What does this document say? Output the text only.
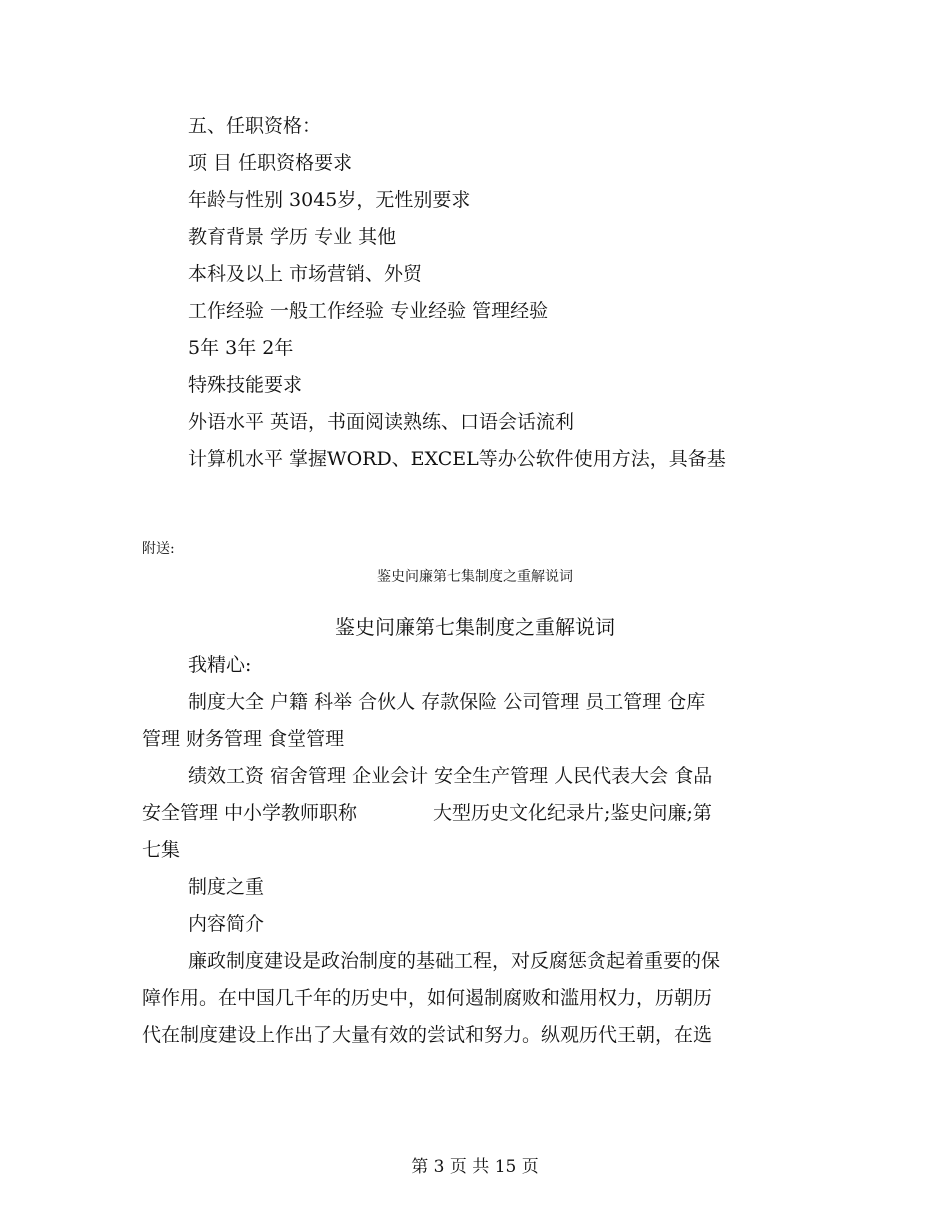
五、任职资格：

项 目 任职资格要求

年龄与性别 3045岁，无性别要求

教育背景 学历 专业 其他

本科及以上 市场营销、外贸

工作经验 一般工作经验 专业经验 管理经验

5年 3年 2年

特殊技能要求

外语水平 英语，书面阅读熟练、口语会话流利

计算机水平 掌握WORD、EXCEL等办公软件使用方法，具备基

附送:

鉴史问廉第七集制度之重解说词

鉴史问廉第七集制度之重解说词

我精心:

制度大全 户籍 科举 合伙人 存款保险 公司管理 员工管理 仓库

管理 财务管理 食堂管理

绩效工资 宿舍管理 企业会计 安全生产管理 人民代表大会 食品

安全管理 中小学教师职称　　　　大型历史文化纪录片;鉴史问廉;第

七集

制度之重

内容简介

廉政制度建设是政治制度的基础工程，对反腐惩贪起着重要的保

障作用。在中国几千年的历史中，如何遏制腐败和滥用权力，历朝历

代在制度建设上作出了大量有效的尝试和努力。纵观历代王朝，在选

第 3 页 共 15 页
